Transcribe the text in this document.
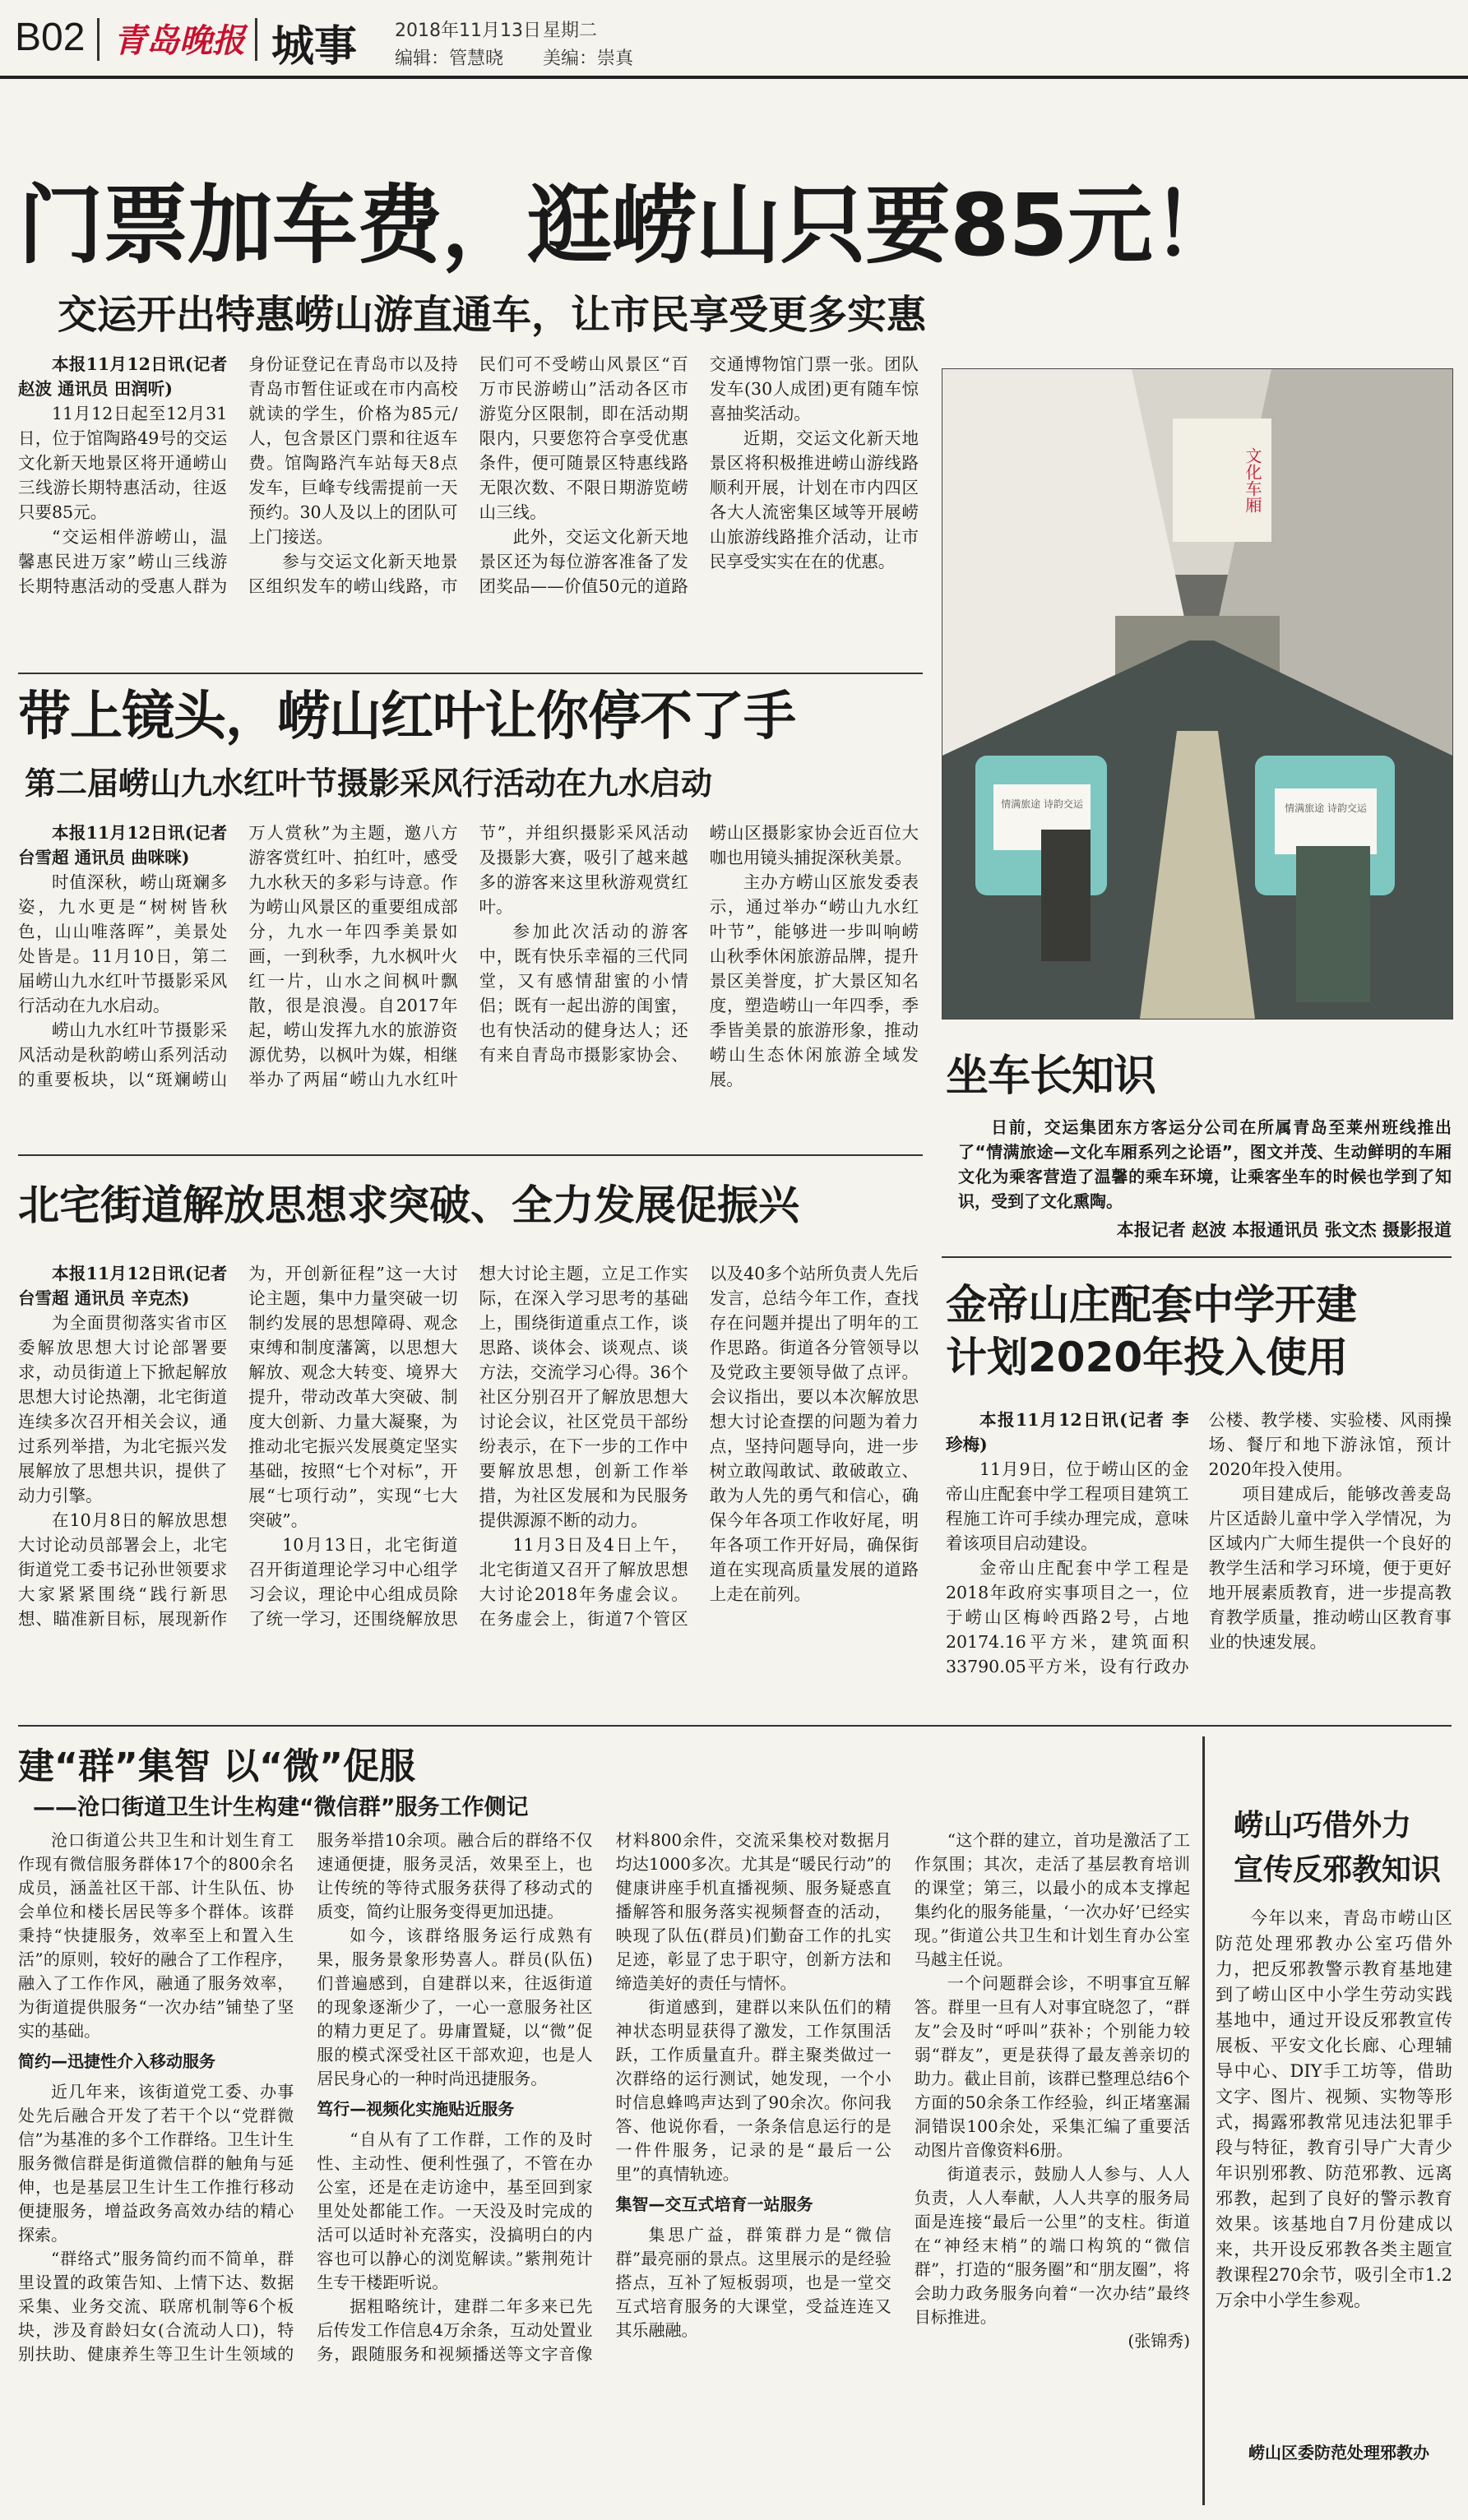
B02 青岛晚报 城事 2018年11月13日 星期二
编辑：管慧晓 美编：崇真
门票加车费，逛崂山只要85元！
交运开出特惠崂山游直通车，让市民享受更多实惠

本报11月12日讯(记者 赵波 通讯员 田润听)

11月12日起至12月31日，位于馆陶路49号的交运文化新天地景区将开通崂山三线游长期特惠活动，往返只要85元。

“交运相伴游崂山，温馨惠民进万家”崂山三线游长期特惠活动的受惠人群为身份证登记在青岛市以及持青岛市暂住证或在市内高校就读的学生，价格为85元/人，包含景区门票和往返车费。馆陶路汽车站每天8点发车，巨峰专线需提前一天预约。30人及以上的团队可上门接送。

参与交运文化新天地景区组织发车的崂山线路，市民们可不受崂山风景区“百万市民游崂山”活动各区市游览分区限制，即在活动期限内，只要您符合享受优惠条件，便可随景区特惠线路无限次数、不限日期游览崂山三线。

此外，交运文化新天地景区还为每位游客准备了发团奖品——价值50元的道路交通博物馆门票一张。团队发车(30人成团)更有随车惊喜抽奖活动。

近期，交运文化新天地景区将积极推进崂山游线路顺利开展，计划在市内四区各大人流密集区域等开展崂山旅游线路推介活动，让市民享受实实在在的优惠。

带上镜头，崂山红叶让你停不了手
第二届崂山九水红叶节摄影采风行活动在九水启动

本报11月12日讯(记者 台雪超 通讯员 曲咪咪)

时值深秋，崂山斑斓多姿，九水更是“树树皆秋色，山山唯落晖”，美景处处皆是。11月10日，第二届崂山九水红叶节摄影采风行活动在九水启动。

崂山九水红叶节摄影采风活动是秋韵崂山系列活动的重要板块，以“斑斓崂山万人赏秋”为主题，邀八方游客赏红叶、拍红叶，感受九水秋天的多彩与诗意。作为崂山风景区的重要组成部分，九水一年四季美景如画，一到秋季，九水枫叶火红一片，山水之间枫叶飘散，很是浪漫。自2017年起，崂山发挥九水的旅游资源优势，以枫叶为媒，相继举办了两届“崂山九水红叶节”，并组织摄影采风活动及摄影大赛，吸引了越来越多的游客来这里秋游观赏红叶。

参加此次活动的游客中，既有快乐幸福的三代同堂，又有感情甜蜜的小情侣；既有一起出游的闺蜜，也有快活动的健身达人；还有来自青岛市摄影家协会、崂山区摄影家协会近百位大咖也用镜头捕捉深秋美景。

主办方崂山区旅发委表示，通过举办“崂山九水红叶节”，能够进一步叫响崂山秋季休闲旅游品牌，提升景区美誉度，扩大景区知名度，塑造崂山一年四季，季季皆美景的旅游形象，推动崂山生态休闲旅游全域发展。

北宅街道解放思想求突破、全力发展促振兴

本报11月12日讯(记者 台雪超 通讯员 辛克杰)

为全面贯彻落实省市区委解放思想大讨论部署要求，动员街道上下掀起解放思想大讨论热潮，北宅街道连续多次召开相关会议，通过系列举措，为北宅振兴发展解放了思想共识，提供了动力引擎。

在10月8日的解放思想大讨论动员部署会上，北宅街道党工委书记孙世领要求大家紧紧围绕“践行新思想、瞄准新目标，展现新作为，开创新征程”这一大讨论主题，集中力量突破一切制约发展的思想障碍、观念束缚和制度藩篱，以思想大解放、观念大转变、境界大提升，带动改革大突破、制度大创新、力量大凝聚，为推动北宅振兴发展奠定坚实基础，按照“七个对标”，开展“七项行动”，实现“七大突破”。

10月13日，北宅街道召开街道理论学习中心组学习会议，理论中心组成员除了统一学习，还围绕解放思想大讨论主题，立足工作实际，在深入学习思考的基础上，围绕街道重点工作，谈思路、谈体会、谈观点、谈方法，交流学习心得。36个社区分别召开了解放思想大讨论会议，社区党员干部纷纷表示，在下一步的工作中要解放思想，创新工作举措，为社区发展和为民服务提供源源不断的动力。

11月3日及4日上午，北宅街道又召开了解放思想大讨论2018年务虚会议。在务虚会上，街道7个管区以及40多个站所负责人先后发言，总结今年工作，查找存在问题并提出了明年的工作思路。街道各分管领导以及党政主要领导做了点评。会议指出，要以本次解放思想大讨论查摆的问题为着力点，坚持问题导向，进一步树立敢闯敢试、敢破敢立、敢为人先的勇气和信心，确保今年各项工作收好尾，明年各项工作开好局，确保街道在实现高质量发展的道路上走在前列。

文化车厢
情满旅途 诗韵交运	情满旅途 诗韵交运
坐车长知识
日前，交运集团东方客运分公司在所属青岛至莱州班线推出了“情满旅途—文化车厢系列之论语”，图文并茂、生动鲜明的车厢文化为乘客营造了温馨的乘车环境，让乘客坐车的时候也学到了知识，受到了文化熏陶。
本报记者 赵波 本报通讯员 张文杰 摄影报道
金帝山庄配套中学开建
计划2020年投入使用

本报11月12日讯(记者 李珍梅)

11月9日，位于崂山区的金帝山庄配套中学工程项目建筑工程施工许可手续办理完成，意味着该项目启动建设。

金帝山庄配套中学工程是2018年政府实事项目之一，位于崂山区梅岭西路2号，占地20174.16平方米，建筑面积33790.05平方米，设有行政办公楼、教学楼、实验楼、风雨操场、餐厅和地下游泳馆，预计2020年投入使用。

项目建成后，能够改善麦岛片区适龄儿童中学入学情况，为区域内广大师生提供一个良好的教学生活和学习环境，便于更好地开展素质教育，进一步提高教育教学质量，推动崂山区教育事业的快速发展。

建“群”集智 以“微”促服
——沧口街道卫生计生构建“微信群”服务工作侧记

沧口街道公共卫生和计划生育工作现有微信服务群体17个的800余名成员，涵盖社区干部、计生队伍、协会单位和楼长居民等多个群体。该群秉持“快捷服务，效率至上和置入生活”的原则，较好的融合了工作程序，融入了工作作风，融通了服务效率，为街道提供服务“一次办结”铺垫了坚实的基础。

简约—迅捷性介入移动服务

近几年来，该街道党工委、办事处先后融合开发了若干个以“党群微信”为基准的多个工作群络。卫生计生服务微信群是街道微信群的触角与延伸，也是基层卫生计生工作推行移动便捷服务，增益政务高效办结的精心探索。

“群络式”服务简约而不简单，群里设置的政策告知、上情下达、数据采集、业务交流、联席机制等6个板块，涉及育龄妇女(合流动人口)，特别扶助、健康养生等卫生计生领域的服务举措10余项。融合后的群络不仅速通便捷，服务灵活，效果至上，也让传统的等待式服务获得了移动式的质变，简约让服务变得更加迅捷。

如今，该群络服务运行成熟有果，服务景象形势喜人。群员(队伍)们普遍感到，自建群以来，往返街道的现象逐渐少了，一心一意服务社区的精力更足了。毋庸置疑，以“微”促服的模式深受社区干部欢迎，也是人居民身心的一种时尚迅捷服务。

笃行—视频化实施贴近服务

“自从有了工作群，工作的及时性、主动性、便利性强了，不管在办公室，还是在走访途中，基至回到家里处处都能工作。一天没及时完成的活可以适时补充落实，没搞明白的内容也可以静心的浏览解读。”紫荆苑计生专干楼距听说。

据粗略统计，建群二年多来已先后传发工作信息4万余条，互动处置业务，跟随服务和视频播送等文字音像材料800余件，交流采集校对数据月均达1000多次。尤其是“暖民行动”的健康讲座手机直播视频、服务疑惑直播解答和服务落实视频督查的活动，映现了队伍(群员)们勤奋工作的扎实足迹，彰显了忠于职守，创新方法和缔造美好的责任与情怀。

街道感到，建群以来队伍们的精神状态明显获得了激发，工作氛围活跃，工作质量直升。群主聚类做过一次群络的运行测试，她发现，一个小时信息蜂鸣声达到了90余次。你问我答、他说你看，一条条信息运行的是一件件服务，记录的是“最后一公里”的真情轨迹。

集智—交互式培育一站服务

集思广益，群策群力是“微信群”最亮丽的景点。这里展示的是经验搭点，互补了短板弱项，也是一堂交互式培育服务的大课堂，受益连连又其乐融融。

“这个群的建立，首功是激活了工作氛围；其次，走活了基层教育培训的课堂；第三，以最小的成本支撑起集约化的服务能量，‘一次办好’已经实现。”街道公共卫生和计划生育办公室马越主任说。

一个问题群会诊，不明事宜互解答。群里一旦有人对事宜晓忽了，“群友”会及时“呼叫”获补；个别能力较弱“群友”，更是获得了最友善亲切的助力。截止目前，该群已整理总结6个方面的50余条工作经验，纠正堵塞漏洞错误100余处，采集汇编了重要活动图片音像资料6册。

街道表示，鼓励人人参与、人人负责，人人奉献，人人共享的服务局面是连接“最后一公里”的支柱。街道在“神经末梢”的端口构筑的“微信群”，打造的“服务圈”和“朋友圈”，将会助力政务服务向着“一次办结”最终目标推进。

(张锦秀)

崂山巧借外力
宣传反邪教知识

今年以来，青岛市崂山区防范处理邪教办公室巧借外力，把反邪教警示教育基地建到了崂山区中小学生劳动实践基地中，通过开设反邪教宣传展板、平安文化长廊、心理辅导中心、DIY手工坊等，借助文字、图片、视频、实物等形式，揭露邪教常见违法犯罪手段与特征，教育引导广大青少年识别邪教、防范邪教、远离邪教，起到了良好的警示教育效果。该基地自7月份建成以来，共开设反邪教各类主题宣教课程270余节，吸引全市1.2万余中小学生参观。

崂山区委防范处理邪教办
